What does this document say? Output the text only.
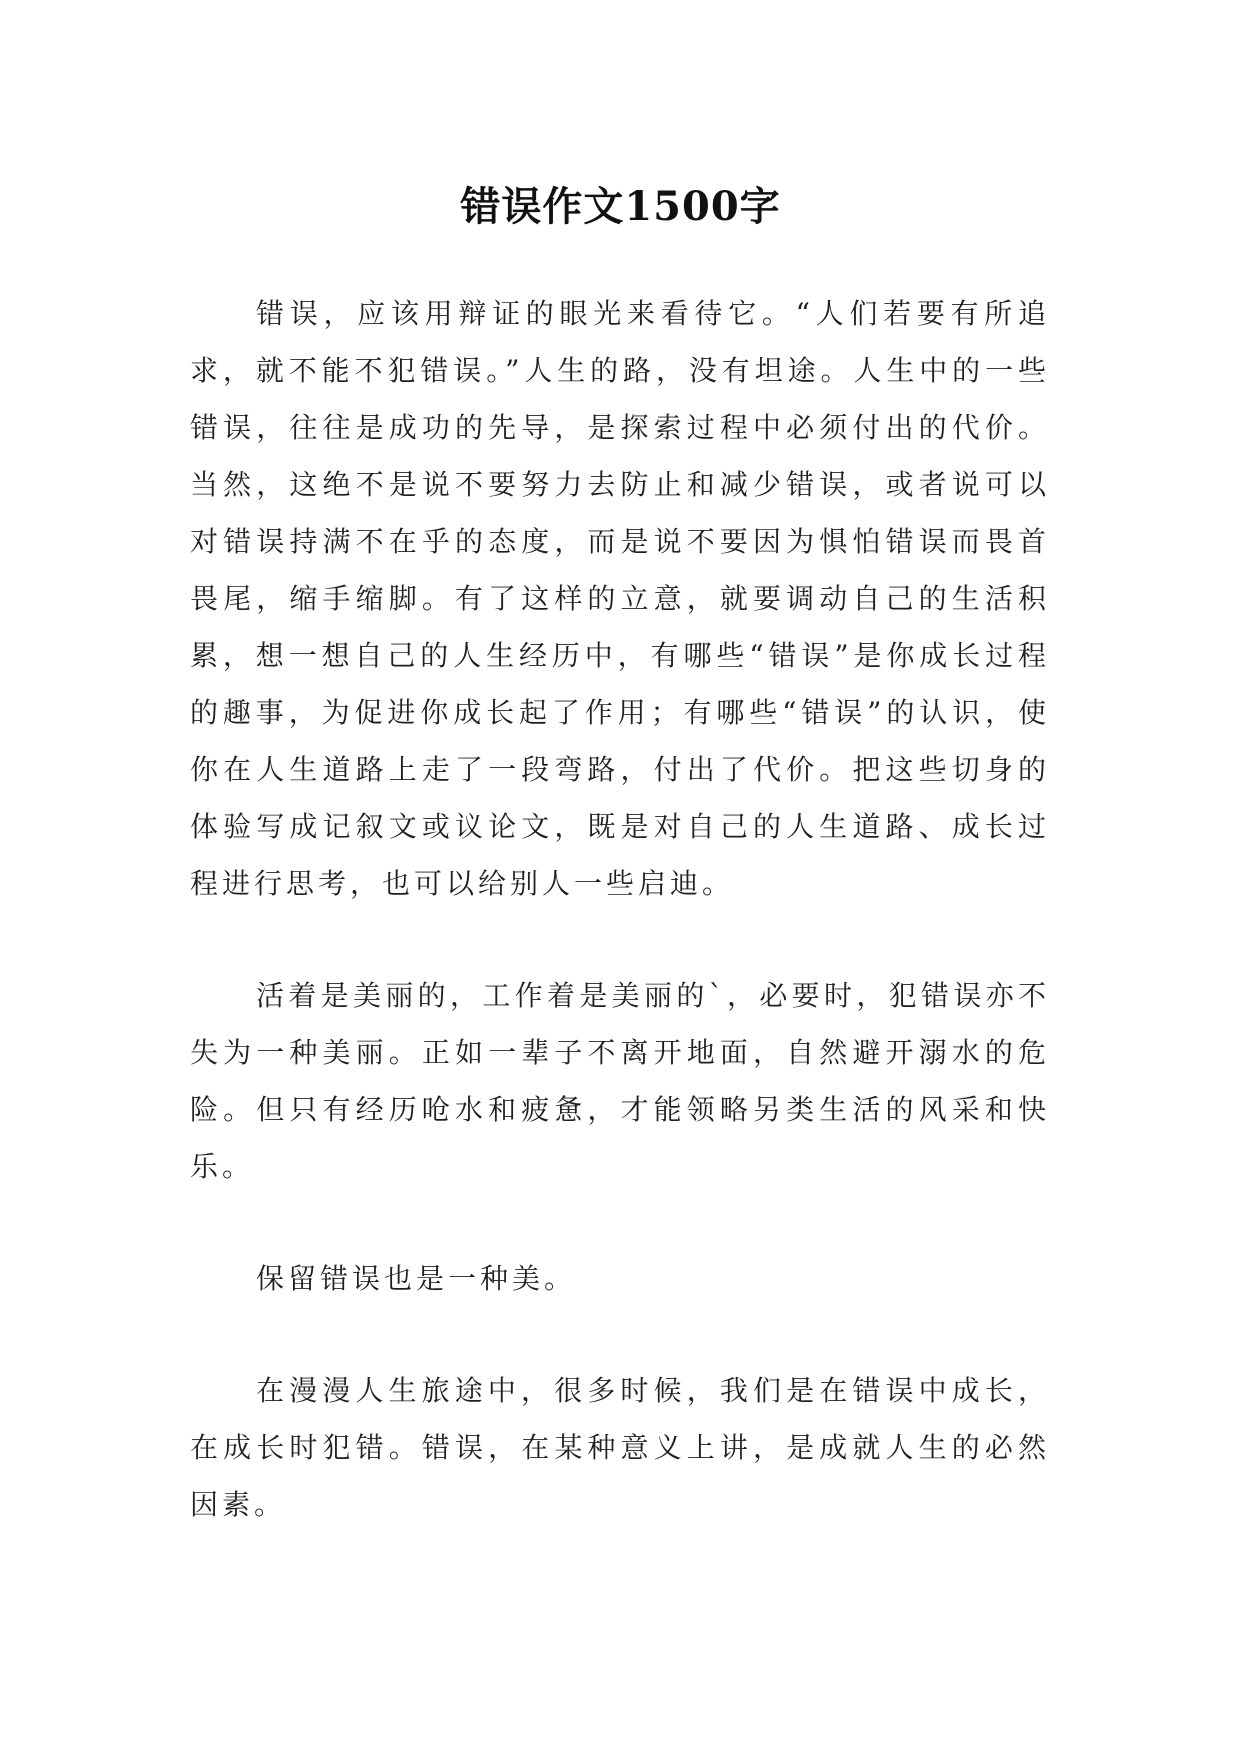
错误作文1500字

错误，应该用辩证的眼光来看待它。“人们若要有所追求，就不能不犯错误。”人生的路，没有坦途。人生中的一些错误，往往是成功的先导，是探索过程中必须付出的代价。当然，这绝不是说不要努力去防止和减少错误，或者说可以对错误持满不在乎的态度，而是说不要因为惧怕错误而畏首畏尾，缩手缩脚。有了这样的立意，就要调动自己的生活积累，想一想自己的人生经历中，有哪些“错误”是你成长过程的趣事，为促进你成长起了作用；有哪些“错误”的认识，使你在人生道路上走了一段弯路，付出了代价。把这些切身的体验写成记叙文或议论文，既是对自己的人生道路、成长过程进行思考，也可以给别人一些启迪。

活着是美丽的，工作着是美丽的`，必要时，犯错误亦不失为一种美丽。正如一辈子不离开地面，自然避开溺水的危险。但只有经历呛水和疲惫，才能领略另类生活的风采和快乐。

保留错误也是一种美。

在漫漫人生旅途中，很多时候，我们是在错误中成长，在成长时犯错。错误，在某种意义上讲，是成就人生的必然因素。
